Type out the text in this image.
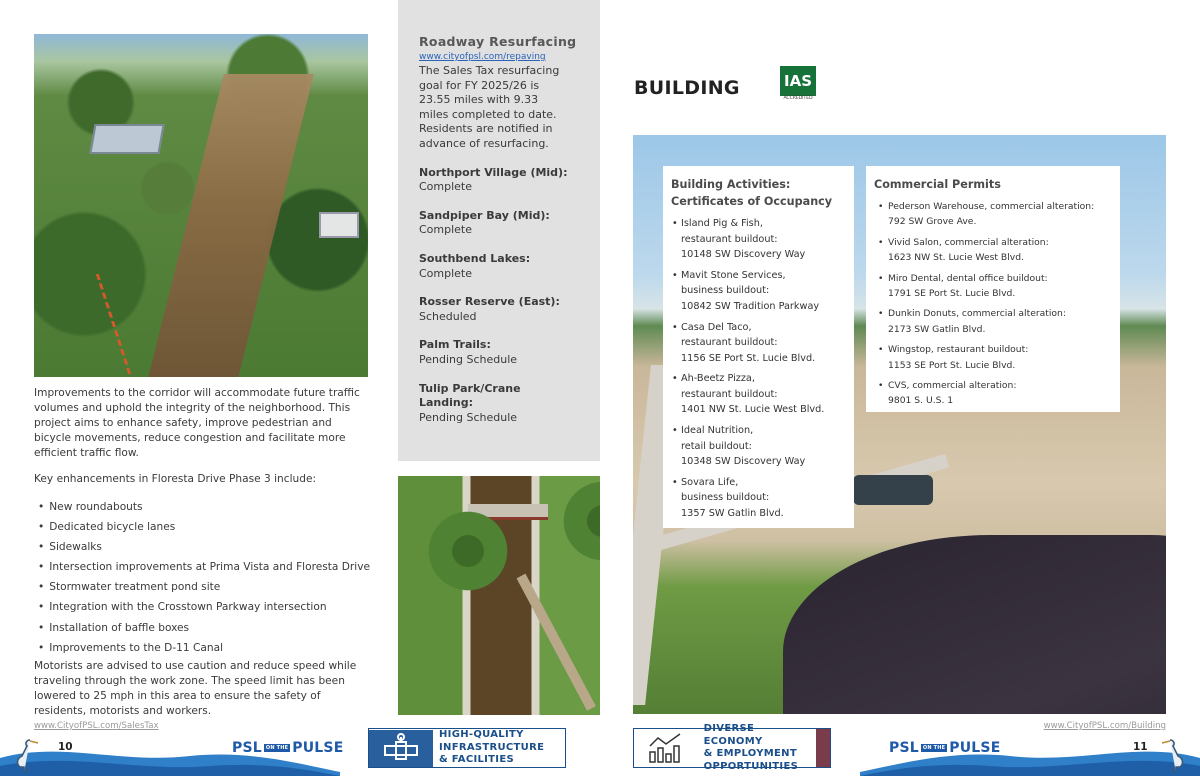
Improvements to the corridor will accommodate future traffic volumes and uphold the integrity of the neighborhood. This project aims to enhance safety, improve pedestrian and bicycle movements, reduce congestion and facilitate more efficient traffic flow.

Key enhancements in Floresta Drive Phase 3 include:

• New roundabouts
• Dedicated bicycle lanes
• Sidewalks
• Intersection improvements at Prima Vista and Floresta Drive
• Stormwater treatment pond site
• Integration with the Crosstown Parkway intersection
• Installation of baffle boxes
• Improvements to the D-11 Canal

Motorists are advised to use caution and reduce speed while traveling through the work zone. The speed limit has been lowered to 25 mph in this area to ensure the safety of residents, motorists and workers.

Roadway Resurfacing
www.cityofpsl.com/repaving

The Sales Tax resurfacing goal for FY 2025/26 is 23.55 miles with 9.33 miles completed to date. Residents are notified in advance of resurfacing.

Northport Village (Mid): Complete

Sandpiper Bay (Mid):
Complete

Southbend Lakes:
Complete

Rosser Reserve (East):
Scheduled

Palm Trails:
Pending Schedule

Tulip Park/Crane Landing:
Pending Schedule

BUILDING	IAS
ACCREDITED
Building Activities:
Certificates of Occupancy
• Island Pig & Fish,
restaurant buildout:
10148 SW Discovery Way
• Mavit Stone Services,
business buildout:
10842 SW Tradition Parkway
• Casa Del Taco,
restaurant buildout:
1156 SE Port St. Lucie Blvd.
• Ah-Beetz Pizza,
restaurant buildout:
1401 NW St. Lucie West Blvd.
• Ideal Nutrition,
retail buildout:
10348 SW Discovery Way
• Sovara Life,
business buildout:
1357 SW Gatlin Blvd.
Commercial Permits
• Pederson Warehouse, commercial alteration:
792 SW Grove Ave.
• Vivid Salon, commercial alteration:
1623 NW St. Lucie West Blvd.
• Miro Dental, dental office buildout:
1791 SE Port St. Lucie Blvd.
• Dunkin Donuts, commercial alteration:
2173 SW Gatlin Blvd.
• Wingstop, restaurant buildout:
1153 SE Port St. Lucie Blvd.
• CVS, commercial alteration:
9801 S. U.S. 1
www.CityofPSL.com/SalesTax	www.CityofPSL.com/Building
10	11
PSL ON THE PULSE	PSL ON THE PULSE
HIGH-QUALITY
INFRASTRUCTURE
& FACILITIES
DIVERSE ECONOMY
& EMPLOYMENT
OPPORTUNITIES
